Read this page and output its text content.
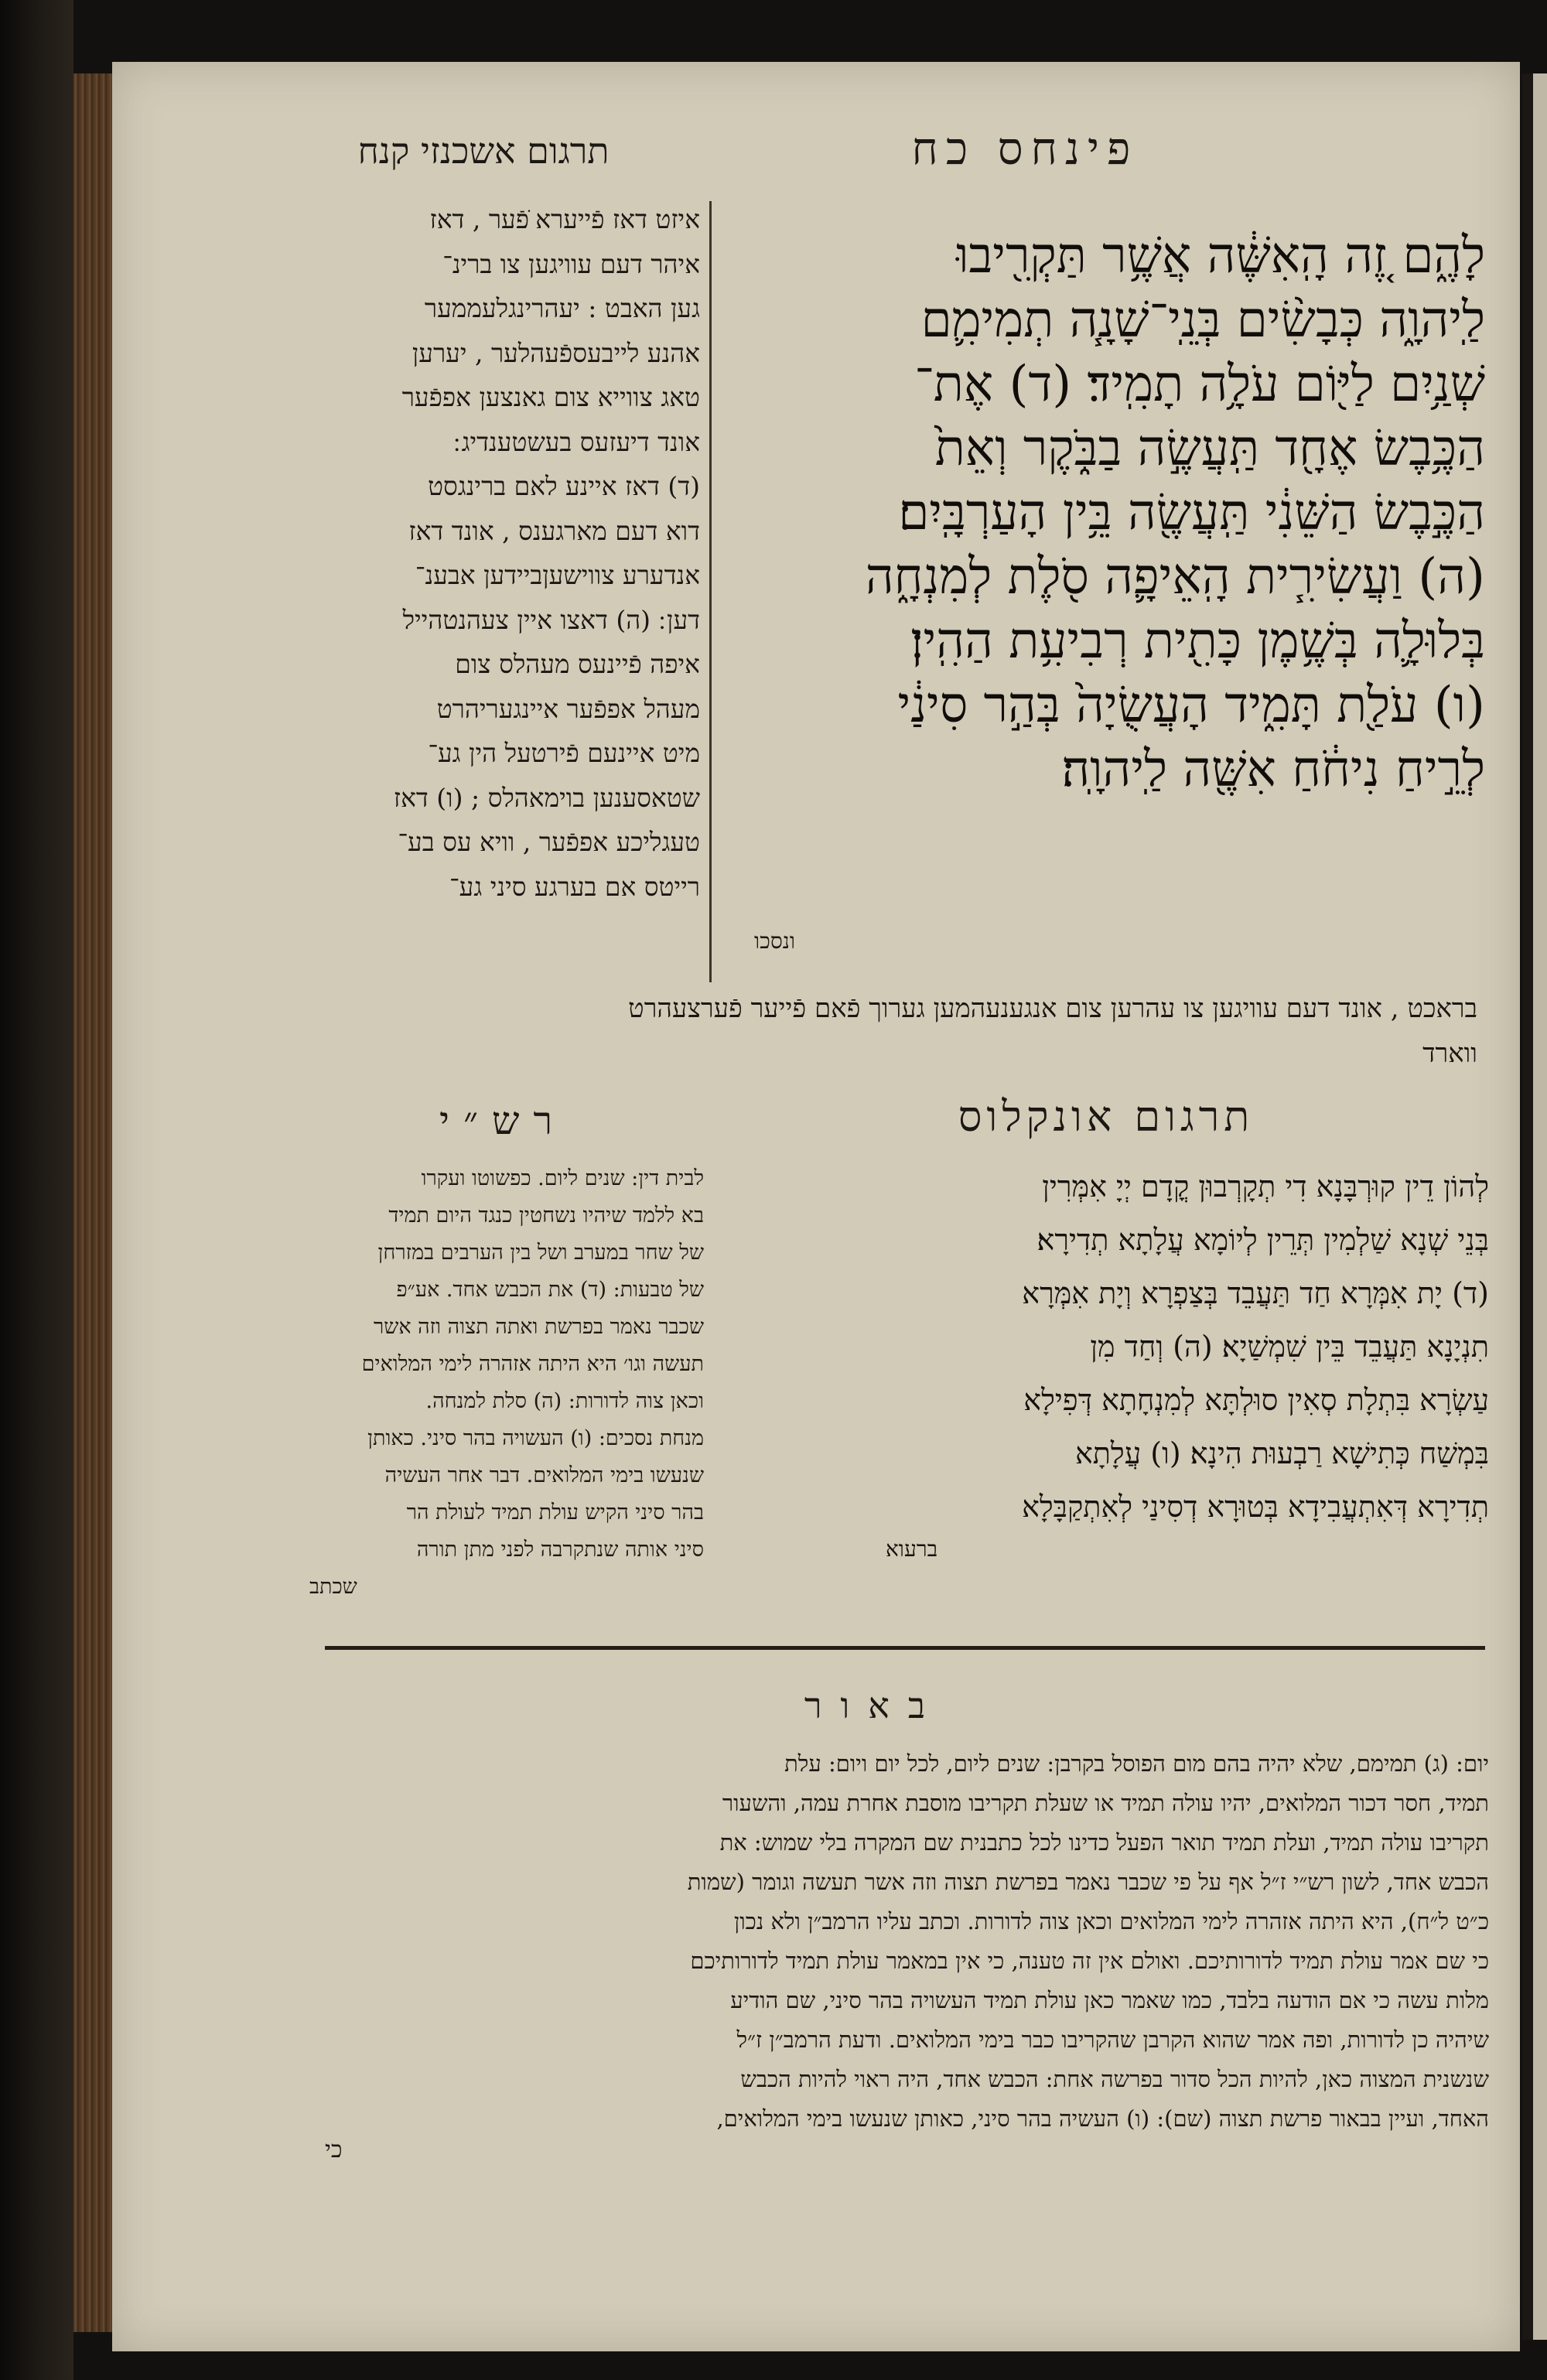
תרגום אשכנזי קנח	פינחס כח
איזט דאז פֿייערא ֹפֿער , דאז
איהר דעם עוויגען צו ברינ־
גען האבט : יעהרינגלעממער
אהנע לייבעספֿעהלער , יערען
טאג צווייא צום גאנצען אפפֿער
אונד דיעזעס בעשטענדיג ׃
(ד) דאז איינע לאם ברינגסט
דוא דעם מארגענס , אונד דאז
אנדערע צווישעןביידען אבענ־
דען ׃ (ה) דאצו איין צעהנטהייל
איפה פֿיינעס מעהלס צום
מעהל אפפֿער איינגעריהרט
מיט איינעם פֿירטעל הין גע־
שטאסענען בוימאהלס ; (ו) דאז
טעגליכע אפפֿער , וויא עס בע־
רייטס אם בערגע סיני גע־
לָהֶ֑ם זֶ֚ה הָֽאִשֶּׁ֔ה אֲשֶׁ֥ר תַּקְרִ֖יבוּ
לַֽיהוָ֑ה כְּבָשִׂ֨ים בְּנֵֽי־שָׁנָ֧ה תְמִימִ֛ם
שְׁנַ֥יִם לַיּ֖וֹם עֹלָ֥ה תָמִֽיד׃ (ד) אֶת־
הַכֶּ֥בֶשׂ אֶחָ֖ד תַּֽעֲשֶׂ֣ה בַבֹּ֑קֶר וְאֵת֙
הַכֶּ֣בֶשׂ הַשֵּׁנִ֔י תַּֽעֲשֶׂ֖ה בֵּ֥ין הָעַרְבָּֽיִם׃
(ה) וַעֲשִׂירִ֧ית הָֽאֵיפָ֛ה סֹ֖לֶת לְמִנְחָ֑ה
בְּלוּלָ֛ה בְּשֶׁ֥מֶן כָּתִ֖ית רְבִיעִ֥ת הַהִֽין׃
(ו) עֹלַ֖ת תָּמִ֑יד הָעֲשֻׂיָה֙ בְּהַ֣ר סִינַ֔י
לְרֵ֣יחַ נִיחֹ֔חַ אִשֶּׁ֖ה לַֽיהוָֽה׃
ונסכו
בראכט , אונד דעם עוויגען צו עהרען צום אנגענעהמען גערוך פֿאם פֿייער פֿערצעהרט
ווארד
רש״י	תרגום אונקלוס
לבית דין: שנים ליום. כפשוטו ועקרו
בא ללמד שיהיו נשחטין כנגד היום תמיד
של שחר במערב ושל בין הערבים במזרחן
של טבעות: (ד) את הכבש אחד. אע״פ
שכבר נאמר בפרשת ואתה תצוה וזה אשר
תעשה וגו׳ היא היתה אזהרה לימי המלואים
וכאן צוה לדורות: (ה) סלת למנחה.
מנחת נסכים: (ו) העשויה בהר סיני. כאותן
שנעשו בימי המלואים. דבר אחר העשיה
בהר סיני הקיש עולת תמיד לעולת הר
סיני אותה שנתקרבה לפני מתן תורה
שכתב
לְהוֹן דֵין קוּרְבָּנָא דִי תְקָרְבוּן קֳדָם יְיָ אִמְּרִין
בְּנֵי שְׁנָא שַׁלְמִין תְּרֵין לְיוֹמָא עֲלָתָא תְדִירָא׃
(ד) יָת אִמְּרָא חַד תַּעֲבֵד בְּצַפְרָא וְיָת אִמְּרָא
תִנְיָנָא תַּעֲבֵד בֵּין שִׁמְשַׁיָא׃ (ה) וְחַד מִן
עַשְׂרָא בִּתְלָת סְאִין סוּלְתָּא לְמִנְחָתָא דְּפִילָא
בִּמְשַׁח כְּתִישָׁא רַבְעוּת הִינָא׃ (ו) עֲלָתָא
תְדִירָא דְּאִתְעֲבִידָא בְּטוּרָא דְסִינַי לְאִתְקַבָּלָא
ברעוא
באור
יום: (ג) תמימם, שלא יהיה בהם מום הפוסל בקרבן: שנים ליום, לכל יום ויום: עלת
תמיד, חסר דכור המלואים, יהיו עולה תמיד או שעלת תקריבו מוסבת אחרת עמה, והשעור
תקריבו עולה תמיד, ועלת תמיד תואר הפעל כדינו לכל כתבנית שם המקרה בלי שמוש: את
הכבש אחד, לשון רש״י ז״ל אף על פי שכבר נאמר בפרשת תצוה וזה אשר תעשה וגומר (שמות
כ״ט ל״ח), היא היתה אזהרה לימי המלואים וכאן צוה לדורות. וכתב עליו הרמב״ן ולא נכון
כי שם אמר עולת תמיד לדורותיכם. ואולם אין זה טענה, כי אין במאמר עולת תמיד לדורותיכם
מלות עשה כי אם הודעה בלבד, כמו שאמר כאן עולת תמיד העשויה בהר סיני, שם הודיע
שיהיה כן לדורות, ופה אמר שהוא הקרבן שהקריבו כבר בימי המלואים. ודעת הרמב״ן ז״ל
שנשנית המצוה כאן, להיות הכל סדור בפרשה אחת: הכבש אחד, היה ראוי להיות הכבש
האחד, ועיין בבאור פרשת תצוה (שם): (ו) העשיה בהר סיני, כאותן שנעשו בימי המלואים,
כי
